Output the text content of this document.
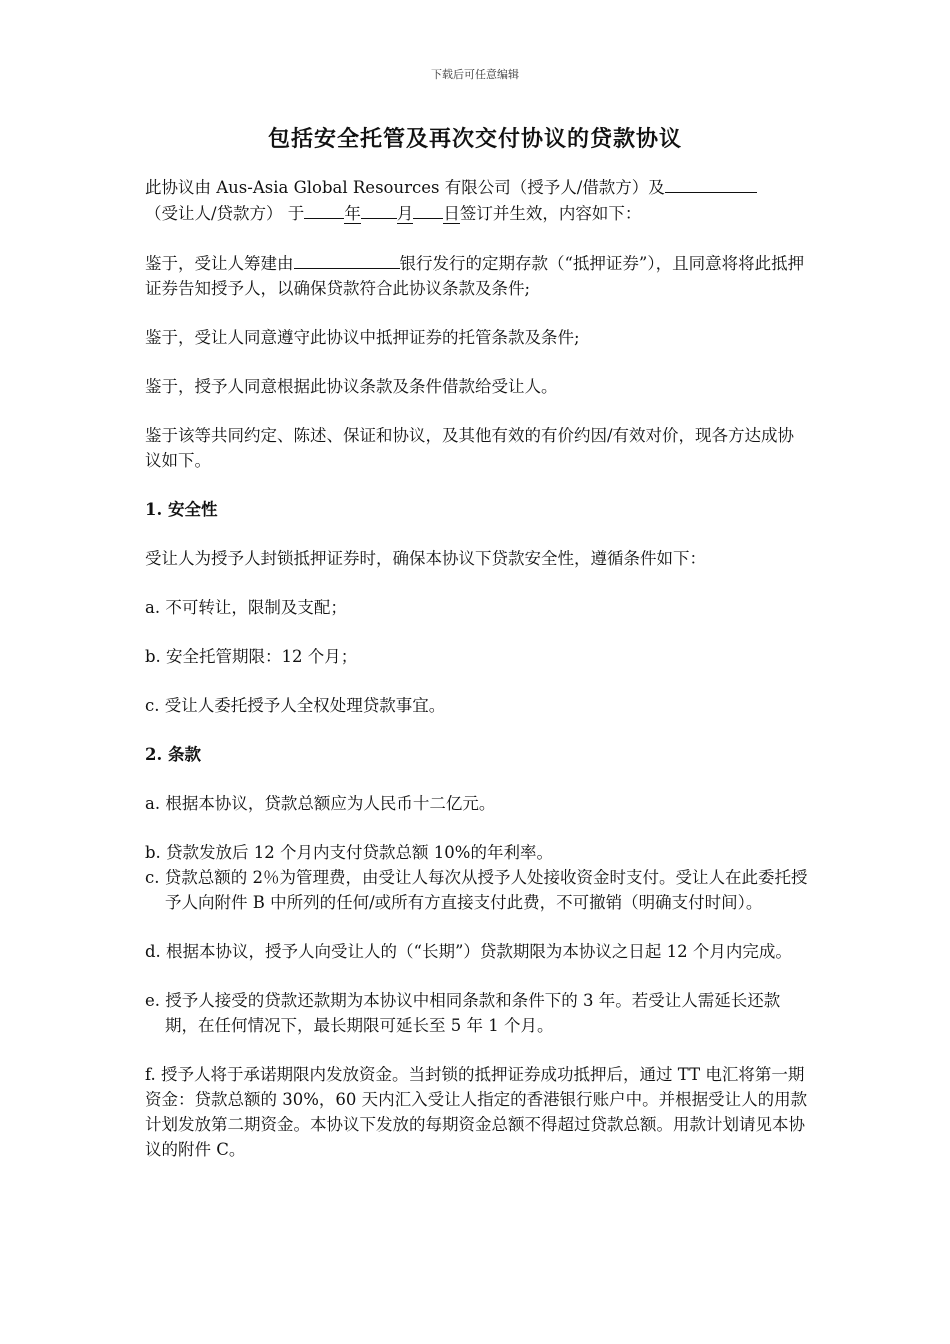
下载后可任意编辑
包括安全托管及再次交付协议的贷款协议
此协议由 Aus-Asia Global Resources 有限公司（授予人/借款方）及
（受让人/贷款方） 于 年 月 日签订并生效，内容如下：
鉴于，受让人筹建由	银行发行的定期存款（“抵押证券”），且同意将将此抵押证券告知授予人，以确保贷款符合此协议条款及条件;
鉴于，受让人同意遵守此协议中抵押证券的托管条款及条件;
鉴于，授予人同意根据此协议条款及条件借款给受让人。
鉴于该等共同约定、陈述、保证和协议，及其他有效的有价约因/有效对价，现各方达成协议如下。
1. 安全性
受让人为授予人封锁抵押证券时，确保本协议下贷款安全性，遵循条件如下：
a. 不可转让，限制及支配；
b. 安全托管期限：12 个月；
c. 受让人委托授予人全权处理贷款事宜。
2. 条款
a. 根据本协议，贷款总额应为人民币十二亿元。
b. 贷款发放后 12 个月内支付贷款总额 10%的年利率。
c. 贷款总额的 2％为管理费，由受让人每次从授予人处接收资金时支付。受让人在此委托授予人向附件 B 中所列的任何/或所有方直接支付此费，不可撤销（明确支付时间）。
d. 根据本协议，授予人向受让人的（“长期”）贷款期限为本协议之日起 12 个月内完成。
e. 授予人接受的贷款还款期为本协议中相同条款和条件下的 3 年。若受让人需延长还款期，在任何情况下，最长期限可延长至 5 年 1 个月。
f. 授予人将于承诺期限内发放资金。当封锁的抵押证券成功抵押后，通过 TT 电汇将第一期资金：贷款总额的 30%，60 天内汇入受让人指定的香港银行账户中。并根据受让人的用款计划发放第二期资金。本协议下发放的每期资金总额不得超过贷款总额。用款计划请见本协议的附件 C。
